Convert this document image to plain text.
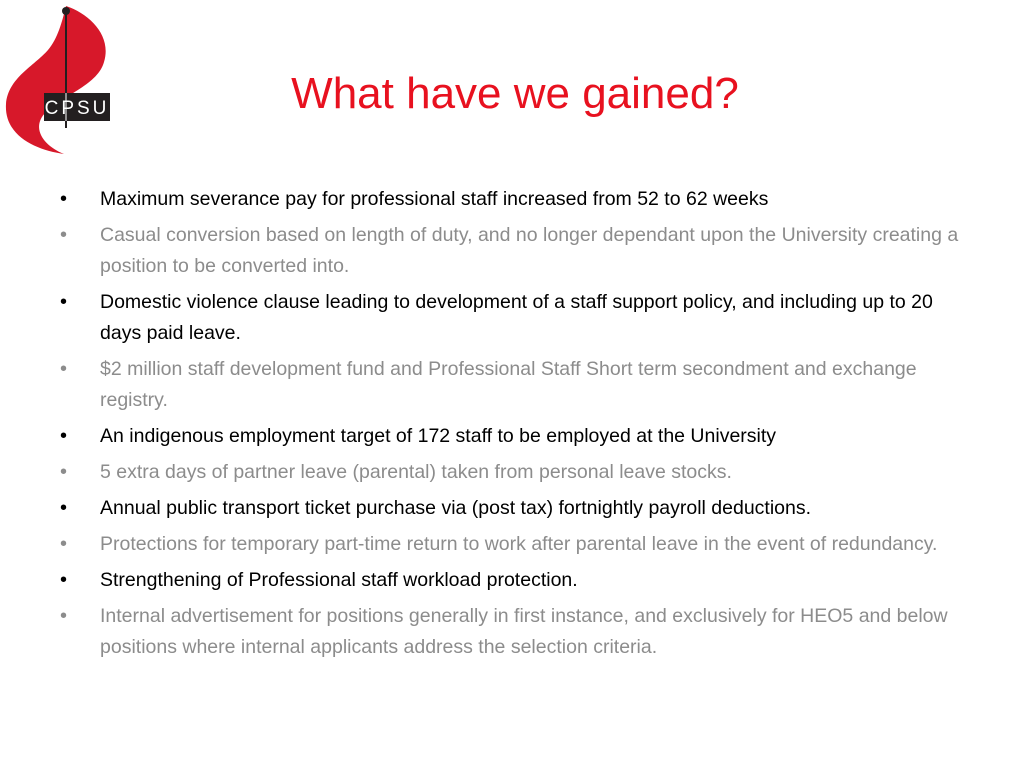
CPSU	What have we gained?
•	Maximum severance pay for professional staff increased from 52 to 62 weeks
•	Casual conversion based on length of duty, and no longer dependant upon the University creating a position to be converted into.
•	Domestic violence clause leading to development of a staff support policy, and including up to 20 days paid leave.
•	$2 million staff development fund and Professional Staff Short term secondment and exchange registry.
•	An indigenous employment target of 172 staff to be employed at the University
•	5 extra days of partner leave (parental) taken from personal leave stocks.
•	Annual public transport ticket purchase via (post tax) fortnightly payroll deductions.
•	Protections for temporary part-time return to work after parental leave in the event of redundancy.
•	Strengthening of Professional staff workload protection.
•	Internal advertisement for positions generally in first instance, and exclusively for HEO5 and below positions where internal applicants address the selection criteria.
